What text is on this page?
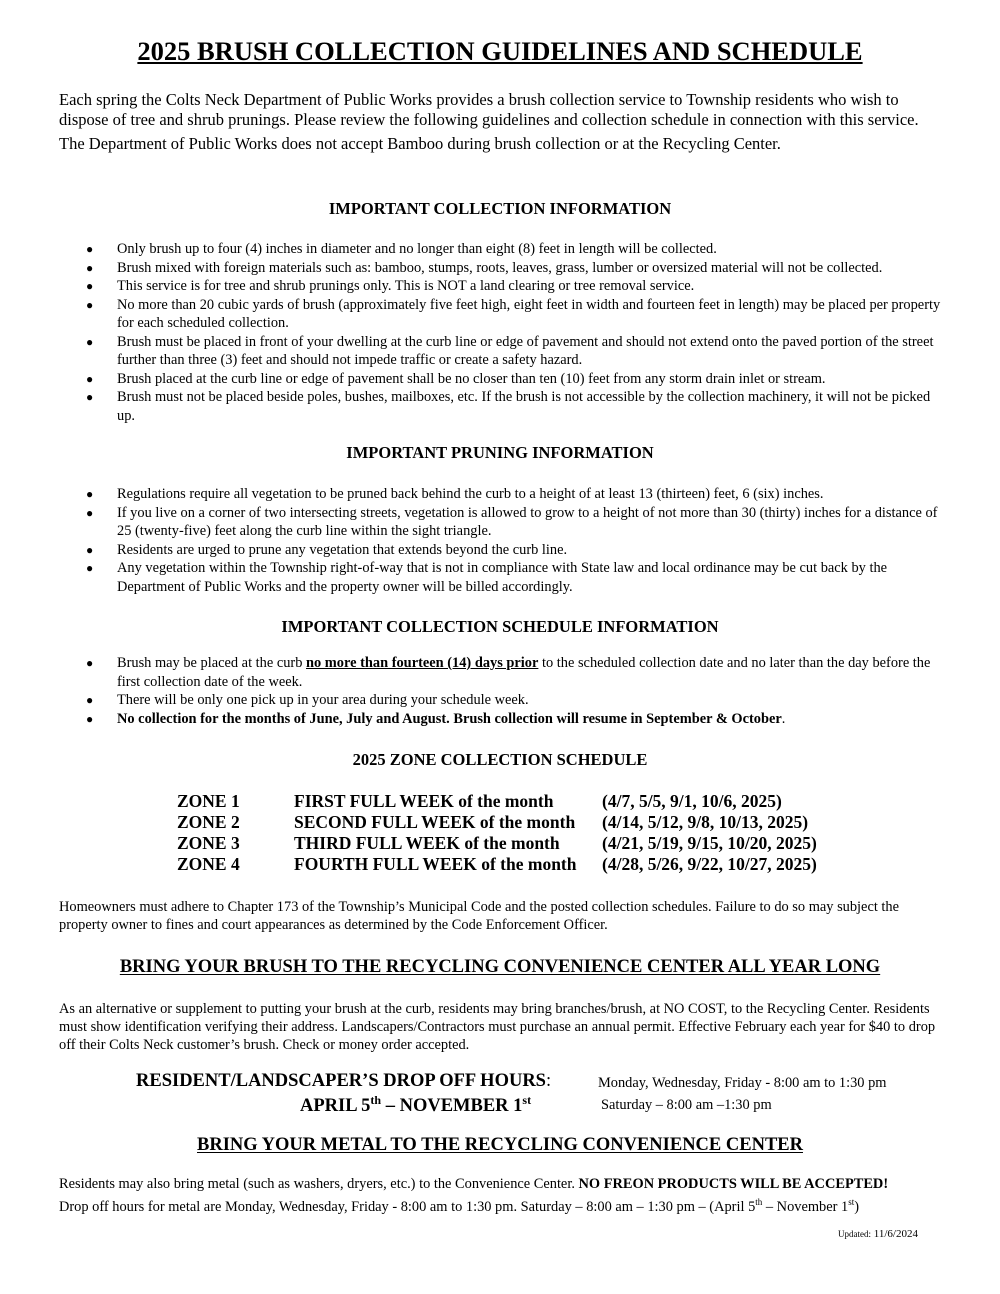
2025 BRUSH COLLECTION GUIDELINES AND SCHEDULE

Each spring the Colts Neck Department of Public Works provides a brush collection service to Township residents who wish to dispose of tree and shrub prunings. Please review the following guidelines and collection schedule in connection with this service.

The Department of Public Works does not accept Bamboo during brush collection or at the Recycling Center.

IMPORTANT COLLECTION INFORMATION
● Only brush up to four (4) inches in diameter and no longer than eight (8) feet in length will be collected.
● Brush mixed with foreign materials such as: bamboo, stumps, roots, leaves, grass, lumber or oversized material will not be collected.
● This service is for tree and shrub prunings only. This is NOT a land clearing or tree removal service.
● No more than 20 cubic yards of brush (approximately five feet high, eight feet in width and fourteen feet in length) may be placed per property for each scheduled collection.
● Brush must be placed in front of your dwelling at the curb line or edge of pavement and should not extend onto the paved portion of the street further than three (3) feet and should not impede traffic or create a safety hazard.
● Brush placed at the curb line or edge of pavement shall be no closer than ten (10) feet from any storm drain inlet or stream.
● Brush must not be placed beside poles, bushes, mailboxes, etc. If the brush is not accessible by the collection machinery, it will not be picked up.
IMPORTANT PRUNING INFORMATION
● Regulations require all vegetation to be pruned back behind the curb to a height of at least 13 (thirteen) feet, 6 (six) inches.
● If you live on a corner of two intersecting streets, vegetation is allowed to grow to a height of not more than 30 (thirty) inches for a distance of 25 (twenty-five) feet along the curb line within the sight triangle.
● Residents are urged to prune any vegetation that extends beyond the curb line.
● Any vegetation within the Township right-of-way that is not in compliance with State law and local ordinance may be cut back by the Department of Public Works and the property owner will be billed accordingly.
IMPORTANT COLLECTION SCHEDULE INFORMATION
● Brush may be placed at the curb no more than fourteen (14) days prior to the scheduled collection date and no later than the day before the first collection date of the week.
● There will be only one pick up in your area during your schedule week.
● No collection for the months of June, July and August. Brush collection will resume in September & October.
2025 ZONE COLLECTION SCHEDULE
ZONE 1	FIRST FULL WEEK of the month	(4/7, 5/5, 9/1, 10/6, 2025)
ZONE 2	SECOND FULL WEEK of the month	(4/14, 5/12, 9/8, 10/13, 2025)
ZONE 3	THIRD FULL WEEK of the month	(4/21, 5/19, 9/15, 10/20, 2025)
ZONE 4	FOURTH FULL WEEK of the month	(4/28, 5/26, 9/22, 10/27, 2025)

Homeowners must adhere to Chapter 173 of the Township’s Municipal Code and the posted collection schedules. Failure to do so may subject the property owner to fines and court appearances as determined by the Code Enforcement Officer.

BRING YOUR BRUSH TO THE RECYCLING CONVENIENCE CENTER ALL YEAR LONG

As an alternative or supplement to putting your brush at the curb, residents may bring branches/brush, at NO COST, to the Recycling Center. Residents must show identification verifying their address. Landscapers/Contractors must purchase an annual permit. Effective February each year for $40 to drop off their Colts Neck customer’s brush. Check or money order accepted.

RESIDENT/LANDSCAPER’S DROP OFF HOURS:	Monday, Wednesday, Friday - 8:00 am to 1:30 pm
APRIL 5th – NOVEMBER 1st	Saturday – 8:00 am –1:30 pm
BRING YOUR METAL TO THE RECYCLING CONVENIENCE CENTER

Residents may also bring metal (such as washers, dryers, etc.) to the Convenience Center. NO FREON PRODUCTS WILL BE ACCEPTED!
Drop off hours for metal are Monday, Wednesday, Friday - 8:00 am to 1:30 pm. Saturday – 8:00 am – 1:30 pm – (April 5th – November 1st)

Updated: 11/6/2024
